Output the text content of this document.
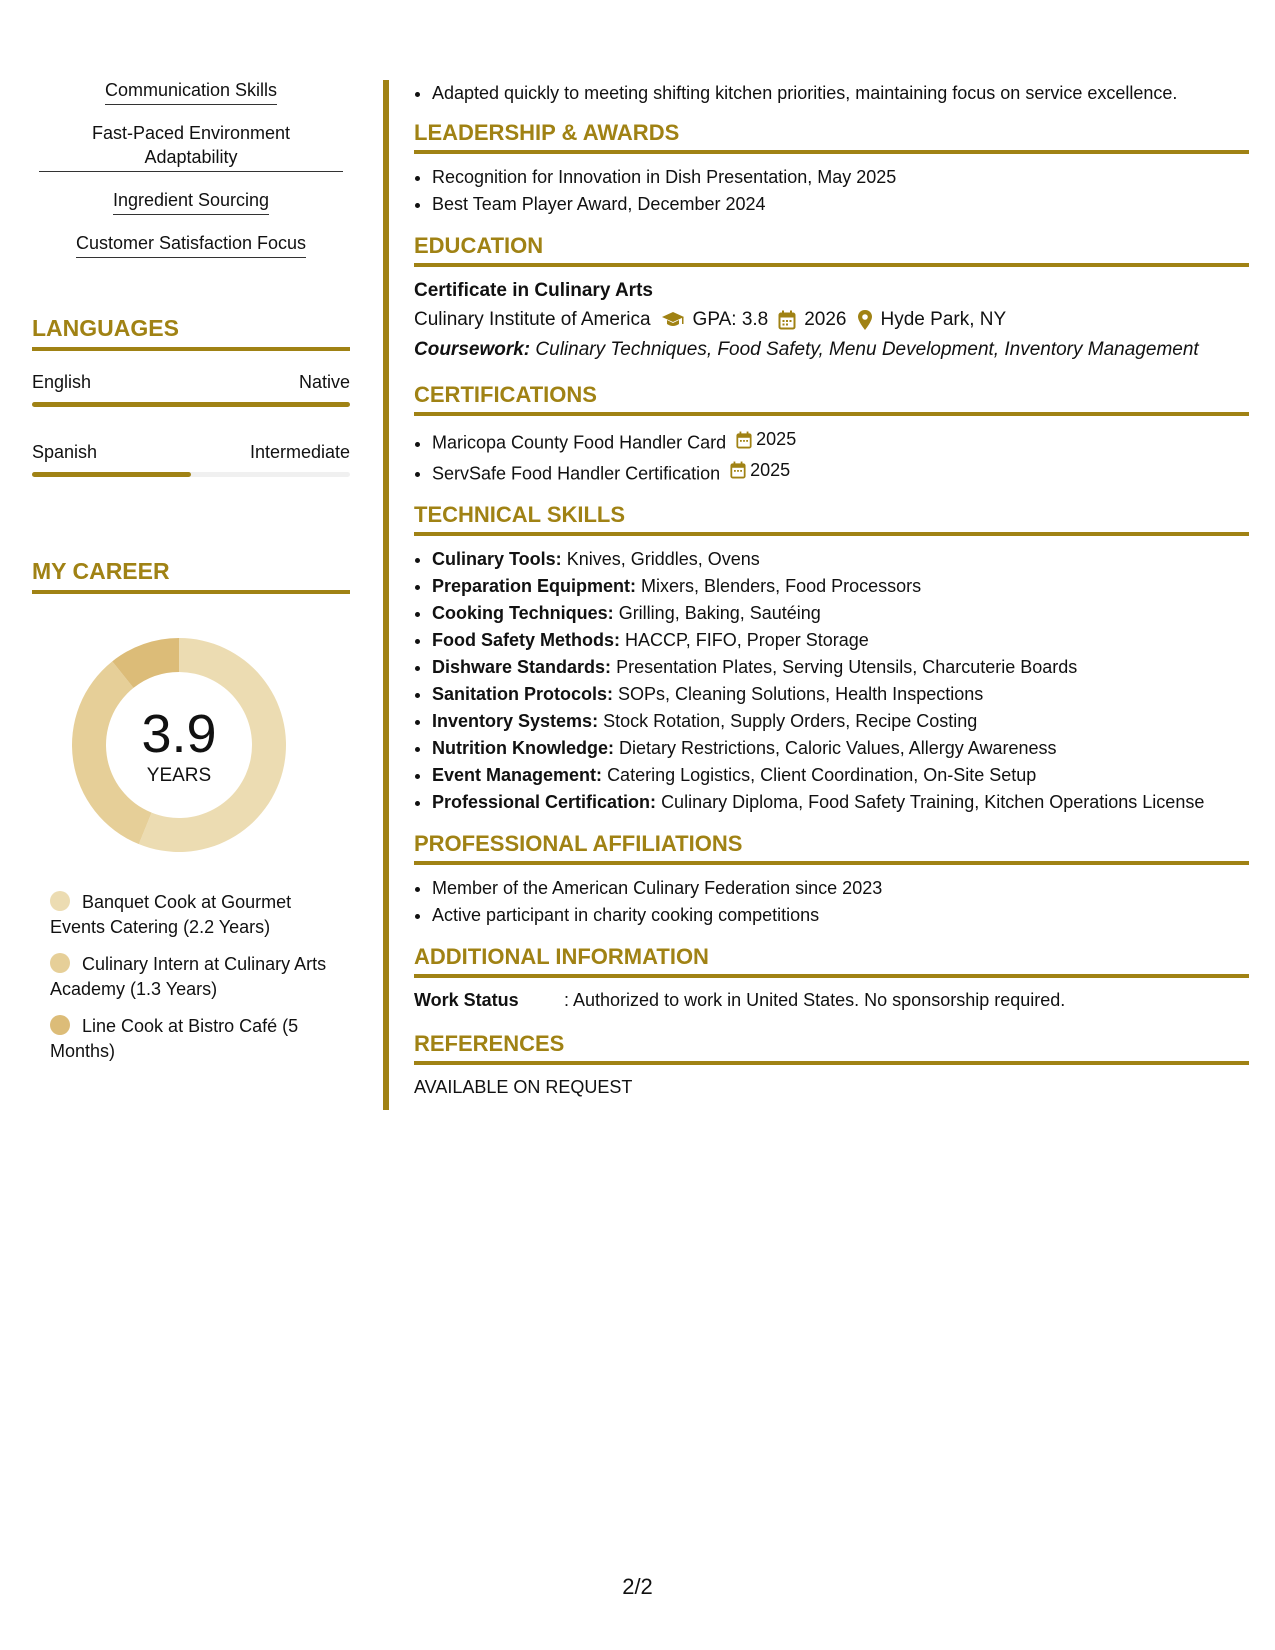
Communication Skills
Fast-Paced Environment Adaptability
Ingredient Sourcing
Customer Satisfaction Focus
LANGUAGES
English	Native
Spanish	Intermediate
MY CAREER
3.9
YEARS
Banquet Cook at Gourmet Events Catering (2.2 Years)
Culinary Intern at Culinary Arts Academy (1.3 Years)
Line Cook at Bistro Café (5 Months)
• Adapted quickly to meeting shifting kitchen priorities, maintaining focus on service excellence.
LEADERSHIP & AWARDS
• Recognition for Innovation in Dish Presentation, May 2025
• Best Team Player Award, December 2024
EDUCATION
Certificate in Culinary Arts
Culinary Institute of America GPA: 3.8 2026 Hyde Park, NY
Coursework: Culinary Techniques, Food Safety, Menu Development, Inventory Management
CERTIFICATIONS
• Maricopa County Food Handler Card 2025
• ServSafe Food Handler Certification 2025
TECHNICAL SKILLS
• Culinary Tools: Knives, Griddles, Ovens
• Preparation Equipment: Mixers, Blenders, Food Processors
• Cooking Techniques: Grilling, Baking, Sautéing
• Food Safety Methods: HACCP, FIFO, Proper Storage
• Dishware Standards: Presentation Plates, Serving Utensils, Charcuterie Boards
• Sanitation Protocols: SOPs, Cleaning Solutions, Health Inspections
• Inventory Systems: Stock Rotation, Supply Orders, Recipe Costing
• Nutrition Knowledge: Dietary Restrictions, Caloric Values, Allergy Awareness
• Event Management: Catering Logistics, Client Coordination, On-Site Setup
• Professional Certification: Culinary Diploma, Food Safety Training, Kitchen Operations License
PROFESSIONAL AFFILIATIONS
• Member of the American Culinary Federation since 2023
• Active participant in charity cooking competitions
ADDITIONAL INFORMATION
Work Status	: Authorized to work in United States. No sponsorship required.
REFERENCES
AVAILABLE ON REQUEST
2/2
